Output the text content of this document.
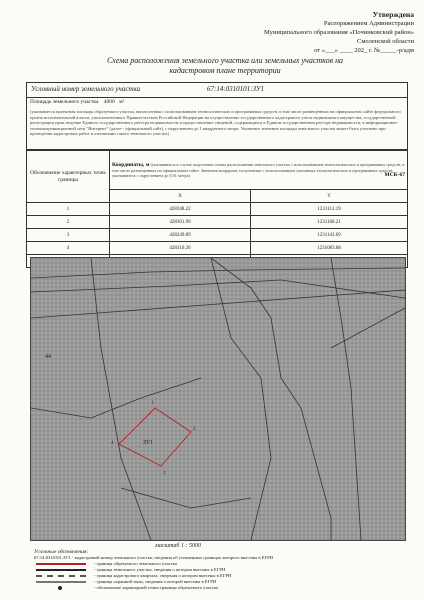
Утверждена
Распоряжением Администрации
Муниципального образования «Починковский район»
Смоленской области
от «___» ____ 202_ г. №_____-р/адм
Схема расположения земельного участка или земельных участков на
кадастровом плане территории
Условный номер земельного участка	67:14:0310101:ЗУ1
Площадь земельного участка 4000 м²
(указывается проектная площадь образуемого участка, вычисленная с использованием технологических и программных средств, в том числе размещенных на официальном сайте федерального органа исполнительной власти, уполномоченного Правительством Российской Федерации на осуществление государственного кадастрового учета недвижимого имущества, государственной регистрации прав, ведение Единого государственного реестра недвижимости и предоставление сведений, содержащихся в Едином государственном реестре недвижимости, в информационно-телекоммуникационной сети "Интернет" (далее - официальный сайт), с округлением до 1 квадратного метра. Указанное значение площади земельного участка может быть уточнено при проведении кадастровых работ в отношении такого земельного участка)
Обозначение характерных точек границы	Координаты, м (указываются в случае подготовки схемы расположения земельного участка с использованием технологических и программных средств, в том числе размещенных на официальном сайте. Значения координат, полученные с использованием указанных технологических и программных средств, указываются с округлением до 0,01 метра) МСК-67	

	X	Y
1	428348.22	1231112.19
2	428301.99	1231168.21
3	428249.89	1231143.69
4	428310.26	1231083.88

ЗУ1
44
1
2
3
4
масштаб 1 : 5000
Условные обозначения:
67:14:0310101:ЗУ1 - кадастровый номер земельного участка, сведения об уточненных границах которого внесены в ЕГРН
- граница образуемого земельного участка
- граница земельного участка, сведения о котором внесены в ЕГРН
- граница кадастрового квартала, сведения о котором внесены в ЕГРН
- граница охранной зоны, сведения о которой внесены в ЕГРН
- обозначение характерной точки границы образуемого участка
